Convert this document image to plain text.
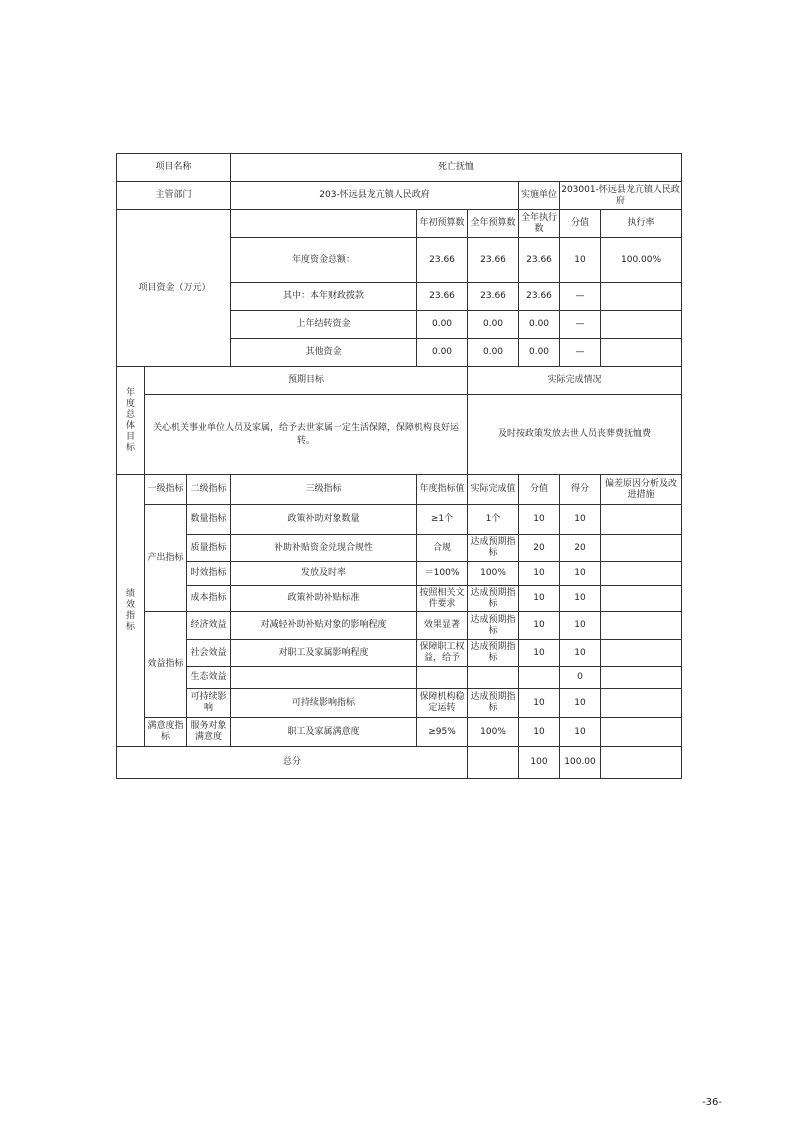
项目名称			死亡抚恤						
主管部门			203-怀远县龙亢镇人民政府			实施单位	203001-怀远县龙亢镇人民政府		
项目资金（万元）				年初预算数	全年预算数	全年执行数	分值	执行率	
			年度资金总额：	23.66	23.66	23.66	10	100.00%	
			其中：本年财政拨款	23.66	23.66	23.66	—		
			上年结转资金	0.00	0.00	0.00	—		
			其他资金	0.00	0.00	0.00	—		
年度总体目标	预期目标				实际完成情况				
	关心机关事业单位人员及家属，给予去世家属一定生活保障，保障机构良好运转。				及时按政策发放去世人员丧葬费抚恤费				
绩效指标	一级指标	二级指标	三级指标	年度指标值	实际完成值	分值	得分	偏差原因分析及改进措施	
	产出指标	数量指标	政策补助对象数量	≥1个	1个	10	10		
		质量指标	补助补贴资金兑现合规性	合规	达成预期指标	20	20		
		时效指标	发放及时率	＝100%	100%	10	10		
		成本指标	政策补助补贴标准	按照相关文件要求	达成预期指标	10	10		
	效益指标	经济效益	对减轻补助补贴对象的影响程度	效果显著	达成预期指标	10	10		
		社会效益	对职工及家属影响程度	保障职工权益，给予	达成预期指标	10	10		
		生态效益					0		
		可持续影响	可持续影响指标	保障机构稳定运转	达成预期指标	10	10		
	满意度指标	服务对象满意度	职工及家属满意度	≥95%	100%	10	10		
总分						100	100.00		
-36-
